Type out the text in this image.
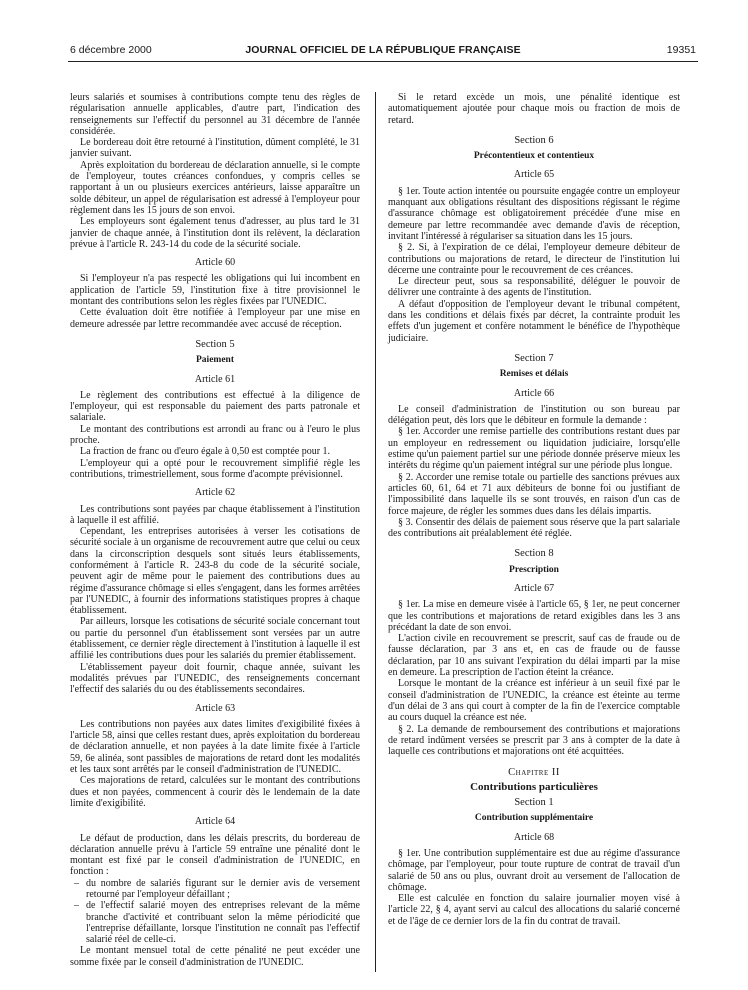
6 décembre 2000	JOURNAL OFFICIEL DE LA RÉPUBLIQUE FRANÇAISE	19351

leurs salariés et soumises à contributions compte tenu des règles de régularisation annuelle applicables, d'autre part, l'indication des renseignements sur l'effectif du personnel au 31 décembre de l'année considérée.

Le bordereau doit être retourné à l'institution, dûment complété, le 31 janvier suivant.

Après exploitation du bordereau de déclaration annuelle, si le compte de l'employeur, toutes créances confondues, y compris celles se rapportant à un ou plusieurs exercices antérieurs, laisse apparaître un solde débiteur, un appel de régularisation est adressé à l'employeur pour règlement dans les 15 jours de son envoi.

Les employeurs sont également tenus d'adresser, au plus tard le 31 janvier de chaque année, à l'institution dont ils relèvent, la déclaration prévue à l'article R. 243-14 du code de la sécurité sociale.

Article 60

Si l'employeur n'a pas respecté les obligations qui lui incombent en application de l'article 59, l'institution fixe à titre provisionnel le montant des contributions selon les règles fixées par l'UNEDIC.

Cette évaluation doit être notifiée à l'employeur par une mise en demeure adressée par lettre recommandée avec accusé de réception.

Section 5
Paiement
Article 61

Le règlement des contributions est effectué à la diligence de l'employeur, qui est responsable du paiement des parts patronale et salariale.

Le montant des contributions est arrondi au franc ou à l'euro le plus proche.

La fraction de franc ou d'euro égale à 0,50 est comptée pour 1.

L'employeur qui a opté pour le recouvrement simplifié règle les contributions, trimestriellement, sous forme d'acompte prévisionnel.

Article 62

Les contributions sont payées par chaque établissement à l'institution à laquelle il est affilié.

Cependant, les entreprises autorisées à verser les cotisations de sécurité sociale à un organisme de recouvrement autre que celui ou ceux dans la circonscription desquels sont situés leurs établissements, conformément à l'article R. 243-8 du code de la sécurité sociale, peuvent agir de même pour le paiement des contributions dues au régime d'assurance chômage si elles s'engagent, dans les formes arrêtées par l'UNEDIC, à fournir des informations statistiques propres à chaque établissement.

Par ailleurs, lorsque les cotisations de sécurité sociale concernant tout ou partie du personnel d'un établissement sont versées par un autre établissement, ce dernier règle directement à l'institution à laquelle il est affilié les contributions dues pour les salariés du premier établissement.

L'établissement payeur doit fournir, chaque année, suivant les modalités prévues par l'UNEDIC, des renseignements concernant l'effectif des salariés du ou des établissements secondaires.

Article 63

Les contributions non payées aux dates limites d'exigibilité fixées à l'article 58, ainsi que celles restant dues, après exploitation du bordereau de déclaration annuelle, et non payées à la date limite fixée à l'article 59, 6e alinéa, sont passibles de majorations de retard dont les modalités et les taux sont arrêtés par le conseil d'administration de l'UNEDIC.

Ces majorations de retard, calculées sur le montant des contributions dues et non payées, commencent à courir dès le lendemain de la date limite d'exigibilité.

Article 64

Le défaut de production, dans les délais prescrits, du bordereau de déclaration annuelle prévu à l'article 59 entraîne une pénalité dont le montant est fixé par le conseil d'administration de l'UNEDIC, en fonction :

– du nombre de salariés figurant sur le dernier avis de versement retourné par l'employeur défaillant ;
– de l'effectif salarié moyen des entreprises relevant de la même branche d'activité et contribuant selon la même périodicité que l'entreprise défaillante, lorsque l'institution ne connaît pas l'effectif salarié réel de celle-ci.

Le montant mensuel total de cette pénalité ne peut excéder une somme fixée par le conseil d'administration de l'UNEDIC.

Si le retard excède un mois, une pénalité identique est automatiquement ajoutée pour chaque mois ou fraction de mois de retard.

Section 6
Précontentieux et contentieux
Article 65

§ 1er. Toute action intentée ou poursuite engagée contre un employeur manquant aux obligations résultant des dispositions régissant le régime d'assurance chômage est obligatoirement précédée d'une mise en demeure par lettre recommandée avec demande d'avis de réception, invitant l'intéressé à régulariser sa situation dans les 15 jours.

§ 2. Si, à l'expiration de ce délai, l'employeur demeure débiteur de contributions ou majorations de retard, le directeur de l'institution lui décerne une contrainte pour le recouvrement de ces créances.

Le directeur peut, sous sa responsabilité, déléguer le pouvoir de délivrer une contrainte à des agents de l'institution.

A défaut d'opposition de l'employeur devant le tribunal compétent, dans les conditions et délais fixés par décret, la contrainte produit les effets d'un jugement et confère notamment le bénéfice de l'hypothèque judiciaire.

Section 7
Remises et délais
Article 66

Le conseil d'administration de l'institution ou son bureau par délégation peut, dès lors que le débiteur en formule la demande :

§ 1er. Accorder une remise partielle des contributions restant dues par un employeur en redressement ou liquidation judiciaire, lorsqu'elle estime qu'un paiement partiel sur une période donnée préserve mieux les intérêts du régime qu'un paiement intégral sur une période plus longue.

§ 2. Accorder une remise totale ou partielle des sanctions prévues aux articles 60, 61, 64 et 71 aux débiteurs de bonne foi ou justifiant de l'impossibilité dans laquelle ils se sont trouvés, en raison d'un cas de force majeure, de régler les sommes dues dans les délais impartis.

§ 3. Consentir des délais de paiement sous réserve que la part salariale des contributions ait préalablement été réglée.

Section 8
Prescription
Article 67

§ 1er. La mise en demeure visée à l'article 65, § 1er, ne peut concerner que les contributions et majorations de retard exigibles dans les 3 ans précédant la date de son envoi.

L'action civile en recouvrement se prescrit, sauf cas de fraude ou de fausse déclaration, par 3 ans et, en cas de fraude ou de fausse déclaration, par 10 ans suivant l'expiration du délai imparti par la mise en demeure. La prescription de l'action éteint la créance.

Lorsque le montant de la créance est inférieur à un seuil fixé par le conseil d'administration de l'UNEDIC, la créance est éteinte au terme d'un délai de 3 ans qui court à compter de la fin de l'exercice comptable au cours duquel la créance est née.

§ 2. La demande de remboursement des contributions et majorations de retard indûment versées se prescrit par 3 ans à compter de la date à laquelle ces contributions et majorations ont été acquittées.

Chapitre II
Contributions particulières
Section 1
Contribution supplémentaire
Article 68

§ 1er. Une contribution supplémentaire est due au régime d'assurance chômage, par l'employeur, pour toute rupture de contrat de travail d'un salarié de 50 ans ou plus, ouvrant droit au versement de l'allocation de chômage.

Elle est calculée en fonction du salaire journalier moyen visé à l'article 22, § 4, ayant servi au calcul des allocations du salarié concerné et de l'âge de ce dernier lors de la fin du contrat de travail.
